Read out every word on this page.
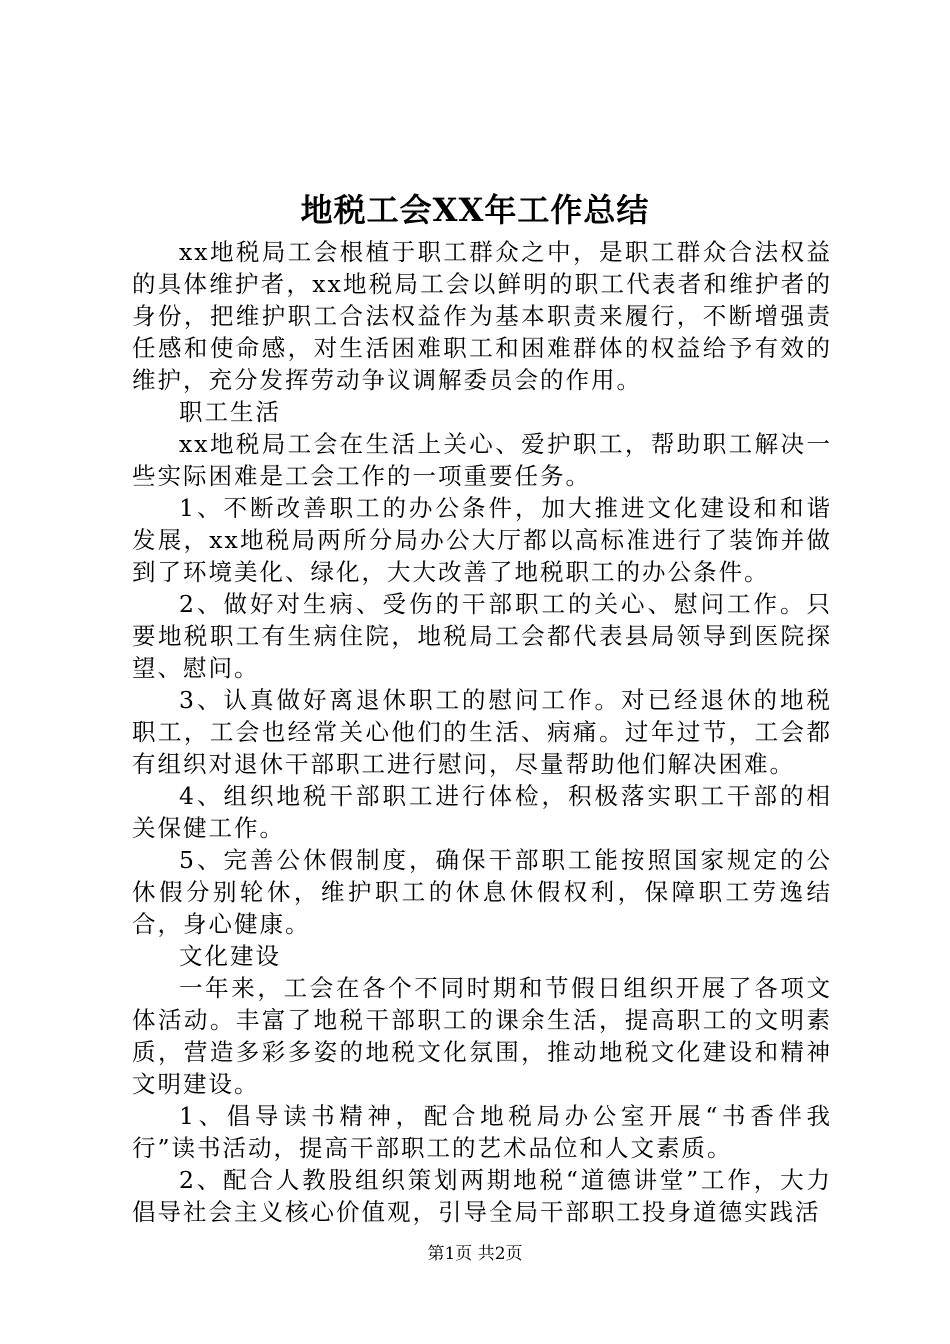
地税工会XX年工作总结

xx地税局工会根植于职工群众之中，是职工群众合法权益的具体维护者，xx地税局工会以鲜明的职工代表者和维护者的身份，把维护职工合法权益作为基本职责来履行，不断增强责任感和使命感，对生活困难职工和困难群体的权益给予有效的维护，充分发挥劳动争议调解委员会的作用。

职工生活

xx地税局工会在生活上关心、爱护职工，帮助职工解决一些实际困难是工会工作的一项重要任务。

1、不断改善职工的办公条件，加大推进文化建设和和谐发展，xx地税局两所分局办公大厅都以高标准进行了装饰并做到了环境美化、绿化，大大改善了地税职工的办公条件。

2、做好对生病、受伤的干部职工的关心、慰问工作。只要地税职工有生病住院，地税局工会都代表县局领导到医院探望、慰问。

3、认真做好离退休职工的慰问工作。对已经退休的地税职工，工会也经常关心他们的生活、病痛。过年过节，工会都有组织对退休干部职工进行慰问，尽量帮助他们解决困难。

4、组织地税干部职工进行体检，积极落实职工干部的相关保健工作。

5、完善公休假制度，确保干部职工能按照国家规定的公休假分别轮休，维护职工的休息休假权利，保障职工劳逸结合，身心健康。

文化建设

一年来，工会在各个不同时期和节假日组织开展了各项文体活动。丰富了地税干部职工的课余生活，提高职工的文明素质，营造多彩多姿的地税文化氛围，推动地税文化建设和精神文明建设。

1、倡导读书精神，配合地税局办公室开展“书香伴我行”读书活动，提高干部职工的艺术品位和人文素质。

2、配合人教股组织策划两期地税“道德讲堂”工作，大力倡导社会主义核心价值观，引导全局干部职工投身道德实践活

第1页 共2页
